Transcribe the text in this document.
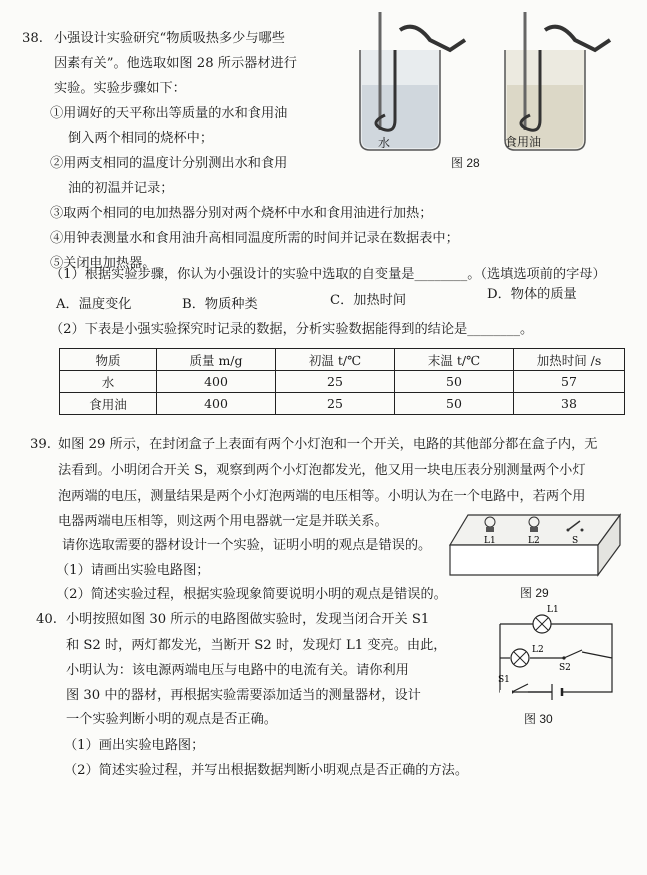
38. 小强设计实验研究“物质吸热多少与哪些
因素有关”。他选取如图 28 所示器材进行
实验。实验步骤如下：
①用调好的天平称出等质量的水和食用油
倒入两个相同的烧杯中；
②用两支相同的温度计分别测出水和食用
油的初温并记录；
③取两个相同的电加热器分别对两个烧杯中水和食用油进行加热；
④用钟表测量水和食用油升高相同温度所需的时间并记录在数据表中；
⑤关闭电加热器。
（1）根据实验步骤，你认为小强设计的实验中选取的自变量是________。（选填选项前的字母）
A．温度变化	B．物质种类	C．加热时间	D．物体的质量
（2）下表是小强实验探究时记录的数据，分析实验数据能得到的结论是________。
水	食用油
图 28
物质	质量 m/g	初温 t/℃	末温 t/℃	加热时间 /s
水	400	25	50	57
食用油	400	25	50	38
39. 如图 29 所示，在封闭盒子上表面有两个小灯泡和一个开关，电路的其他部分都在盒子内，无
法看到。小明闭合开关 S，观察到两个小灯泡都发光，他又用一块电压表分别测量两个小灯
泡两端的电压，测量结果是两个小灯泡两端的电压相等。小明认为在一个电路中，若两个用
电器两端电压相等，则这两个用电器就一定是并联关系。
请你选取需要的器材设计一个实验，证明小明的观点是错误的。
（1）请画出实验电路图；
（2）简述实验过程，根据实验现象简要说明小明的观点是错误的。
L1	L2	S
图 29
40. 小明按照如图 30 所示的电路图做实验时，发现当闭合开关 S1
和 S2 时，两灯都发光，当断开 S2 时，发现灯 L1 变亮。由此，
小明认为：该电源两端电压与电路中的电流有关。请你利用
图 30 中的器材，再根据实验需要添加适当的测量器材，设计
一个实验判断小明的观点是否正确。
（1）画出实验电路图；
（2）简述实验过程，并写出根据数据判断小明观点是否正确的方法。
L1
L2
S2
S1
图 30
